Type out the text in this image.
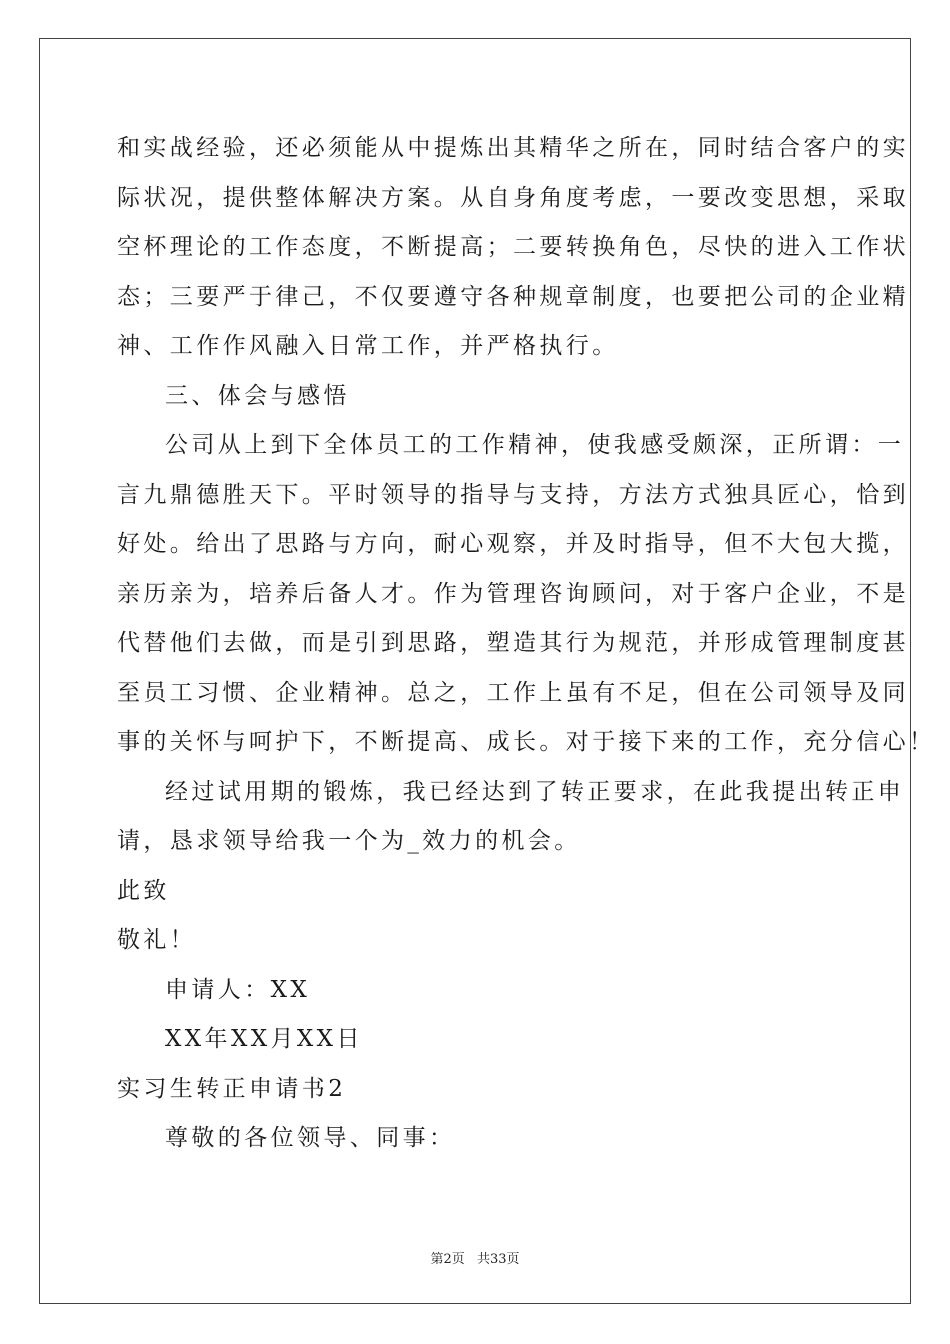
和实战经验，还必须能从中提炼出其精华之所在，同时结合客户的实
际状况，提供整体解决方案。从自身角度考虑，一要改变思想，采取
空杯理论的工作态度，不断提高；二要转换角色，尽快的进入工作状
态；三要严于律己，不仅要遵守各种规章制度，也要把公司的企业精
神、工作作风融入日常工作，并严格执行。
三、体会与感悟
公司从上到下全体员工的工作精神，使我感受颇深，正所谓：一
言九鼎德胜天下。平时领导的指导与支持，方法方式独具匠心，恰到
好处。给出了思路与方向，耐心观察，并及时指导，但不大包大揽，
亲历亲为，培养后备人才。作为管理咨询顾问，对于客户企业，不是
代替他们去做，而是引到思路，塑造其行为规范，并形成管理制度甚
至员工习惯、企业精神。总之，工作上虽有不足，但在公司领导及同
事的关怀与呵护下，不断提高、成长。对于接下来的工作，充分信心！
经过试用期的锻炼，我已经达到了转正要求，在此我提出转正申
请，恳求领导给我一个为_效力的机会。
此致
敬礼！
申请人：XX
XX年XX月XX日
实习生转正申请书2
尊敬的各位领导、同事：
第2页 共33页
